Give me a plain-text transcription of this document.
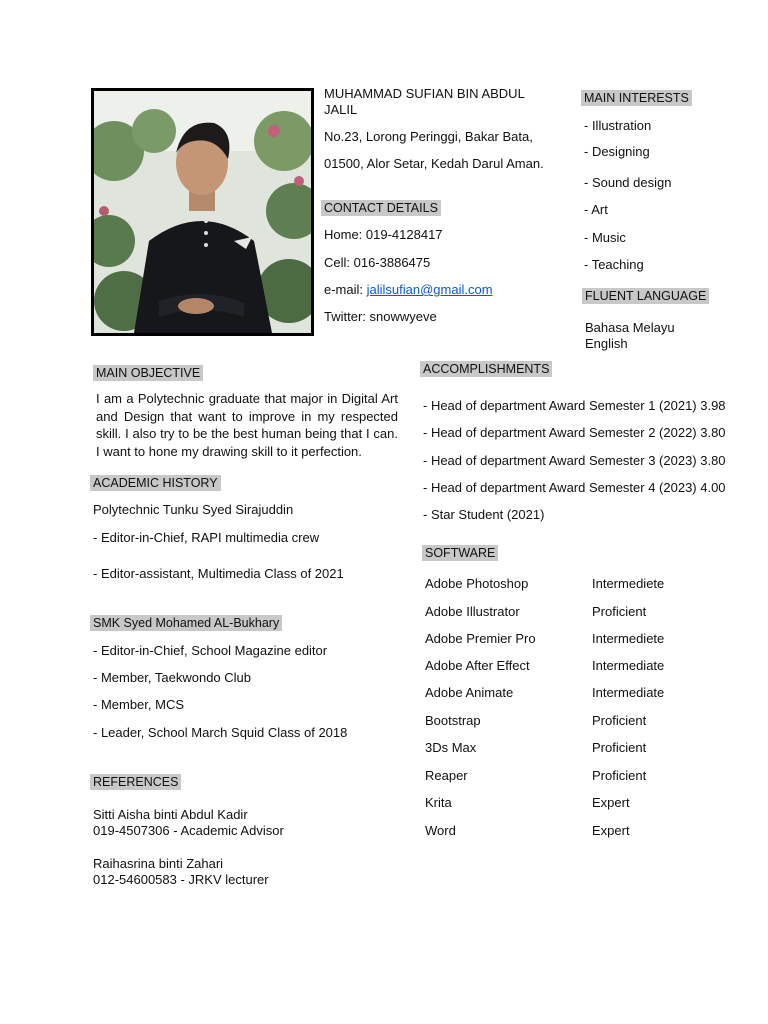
MUHAMMAD SUFIAN BIN ABDUL
JALIL
No.23, Lorong Peringgi, Bakar Bata,
01500, Alor Setar, Kedah Darul Aman.
CONTACT DETAILS
Home: 019-4128417
Cell: 016-3886475
e-mail: jalilsufian@gmail.com
Twitter: snowwyeve
MAIN INTERESTS
- Illustration
- Designing
- Sound design
- Art
- Music
- Teaching
FLUENT LANGUAGE
Bahasa Melayu
English
MAIN OBJECTIVE
I am a Polytechnic graduate that major in Digital Art and Design that want to improve in my respected skill. I also try to be the best human being that I can. I want to hone my drawing skill to it perfection.
ACADEMIC HISTORY
Polytechnic Tunku Syed Sirajuddin
- Editor-in-Chief, RAPI multimedia crew
- Editor-assistant, Multimedia Class of 2021
SMK Syed Mohamed AL-Bukhary
- Editor-in-Chief, School Magazine editor
- Member, Taekwondo Club
- Member, MCS
- Leader, School March Squid Class of 2018
REFERENCES
Sitti Aisha binti Abdul Kadir
019-4507306 - Academic Advisor
Raihasrina binti Zahari
012-54600583 - JRKV lecturer
ACCOMPLISHMENTS
- Head of department Award Semester 1 (2021) 3.98
- Head of department Award Semester 2 (2022) 3.80
- Head of department Award Semester 3 (2023) 3.80
- Head of department Award Semester 4 (2023) 4.00
- Star Student (2021)
SOFTWARE
Adobe Photoshop	Intermediete
Adobe Illustrator	Proficient
Adobe Premier Pro	Intermediete
Adobe After Effect	Intermediate
Adobe Animate	Intermediate
Bootstrap	Proficient
3Ds Max	Proficient
Reaper	Proficient
Krita	Expert
Word	Expert
